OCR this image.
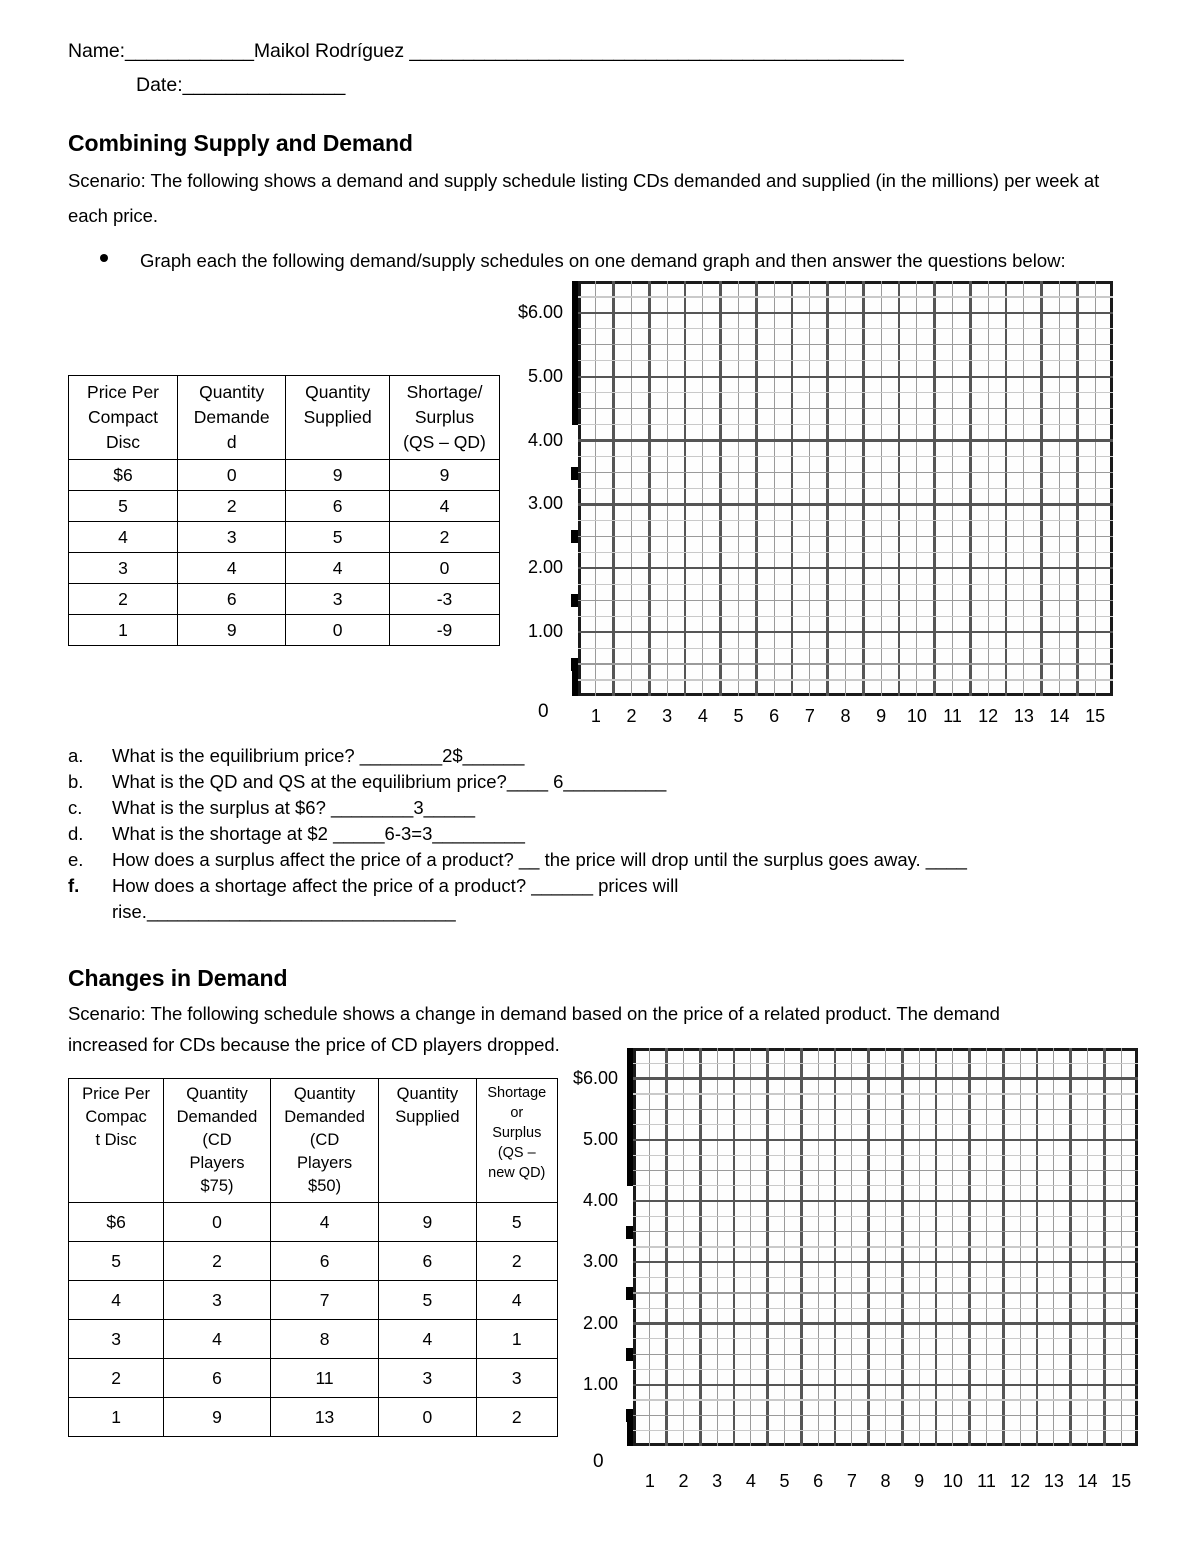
Name:____________Maikol Rodríguez ______________________________________________
Date:_______________
Combining Supply and Demand
Scenario: The following shows a demand and supply schedule listing CDs demanded and supplied (in the millions) per week at each price.
Graph each the following demand/supply schedules on one demand graph and then answer the questions below:
Price Per
Compact
Disc

Quantity
Demande
d

Quantity
Supplied

Shortage/
Surplus
(QS – QD)

$6	0	9	9
5	2	6	4
4	3	5	2
3	4	4	0
2	6	3	-3
1	9	0	-9
$6.00
5.00
4.00
3.00
2.00
1.00
0	1	2	3	4	5	6	7	8	9	10 11 12 13 14 15
a.	What is the equilibrium price? ________2$______
b.	What is the QD and QS at the equilibrium price?____ 6__________
c.	What is the surplus at $6? ________3_____
d.	What is the shortage at $2 _____6-3=3_________
e.	How does a surplus affect the price of a product? __ the price will drop until the surplus goes away. ____
f.	How does a shortage affect the price of a product? ______ prices will
rise.______________________________
Changes in Demand
Scenario: The following schedule shows a change in demand based on the price of a related product. The demand increased for CDs because the price of CD players dropped.
Price Per
Compac
t Disc

Quantity
Demanded
(CD
Players
$75)

Quantity
Demanded
(CD
Players
$50)

Quantity
Supplied

Shortage
or
Surplus
(QS –
new QD)

$6	0	4	9	5
5	2	6	6	2
4	3	7	5	4
3	4	8	4	1
2	6	11	3	3
1	9	13	0	2
$6.00
5.00
4.00
3.00
2.00
1.00
0
1	2	3	4	5	6	7	8	9	10 11 12 13 14 15
